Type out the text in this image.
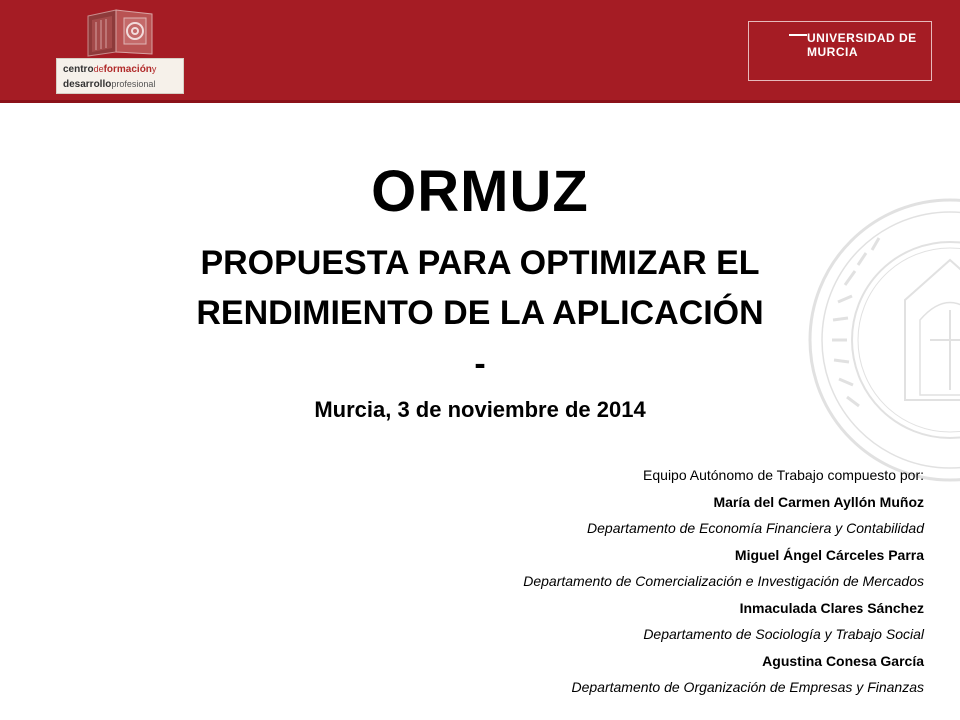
centrodeformacióny
desarrolloprofesional
UNIVERSIDAD DE
MURCIA
ORMUZ
PROPUESTA PARA OPTIMIZAR EL
RENDIMIENTO DE LA APLICACIÓN
-
Murcia, 3 de noviembre de 2014
Equipo Autónomo de Trabajo compuesto por:
María del Carmen Ayllón Muñoz
Departamento de Economía Financiera y Contabilidad
Miguel Ángel Cárceles Parra
Departamento de Comercialización e Investigación de Mercados
Inmaculada Clares Sánchez
Departamento de Sociología y Trabajo Social
Agustina Conesa García
Departamento de Organización de Empresas y Finanzas
